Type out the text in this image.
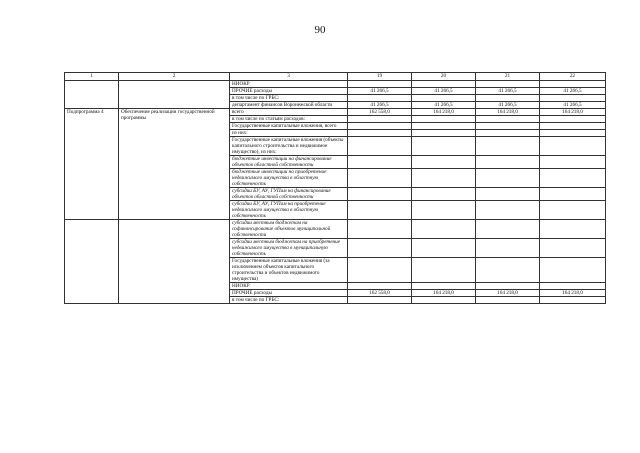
90
1	2	3	19	20	21	22
		НИОКР				
		ПРОЧИЕ расходы	41 266,5	41 266,5	41 266,5	41 266,5
		в том числе по ГРБС:				
		департамент финансов Воронежской области	41 266,5	41 266,5	41 266,5	41 266,5
Подпрограмма 4	Обеспечение реализации государственной программы	всего	162 558,0	164 218,0	164 218,0	164 218,0
		в том числе по статьям расходов:				
		Государственные капитальные вложения, всего				
		из них:				
		Государственные капитальные вложения (объекты капитального строительства и недвижимое имущество), из них:				
		бюджетные инвестиции на финансирование объектов областной собственности				
		бюджетные инвестиции на приобретение недвижимого имущества в областную собственность				
		субсидии БУ, АУ, ГУПам на финансирование объектов областной собственности				
		субсидии БУ, АУ, ГУПам на приобретение недвижимого имущества в областную собственность				
		субсидии местным бюджетам на софинансирование объектов муниципальной собственности				
		субсидии местным бюджетам на приобретение недвижимого имущества в муниципальную собственность				
		Государственные капитальные вложения (за исключением объектов капитального строительства и объектов недвижимого имущества)				
		НИОКР				
		ПРОЧИЕ расходы	162 558,0	164 218,0	164 218,0	164 218,0
		в том числе по ГРБС:				
